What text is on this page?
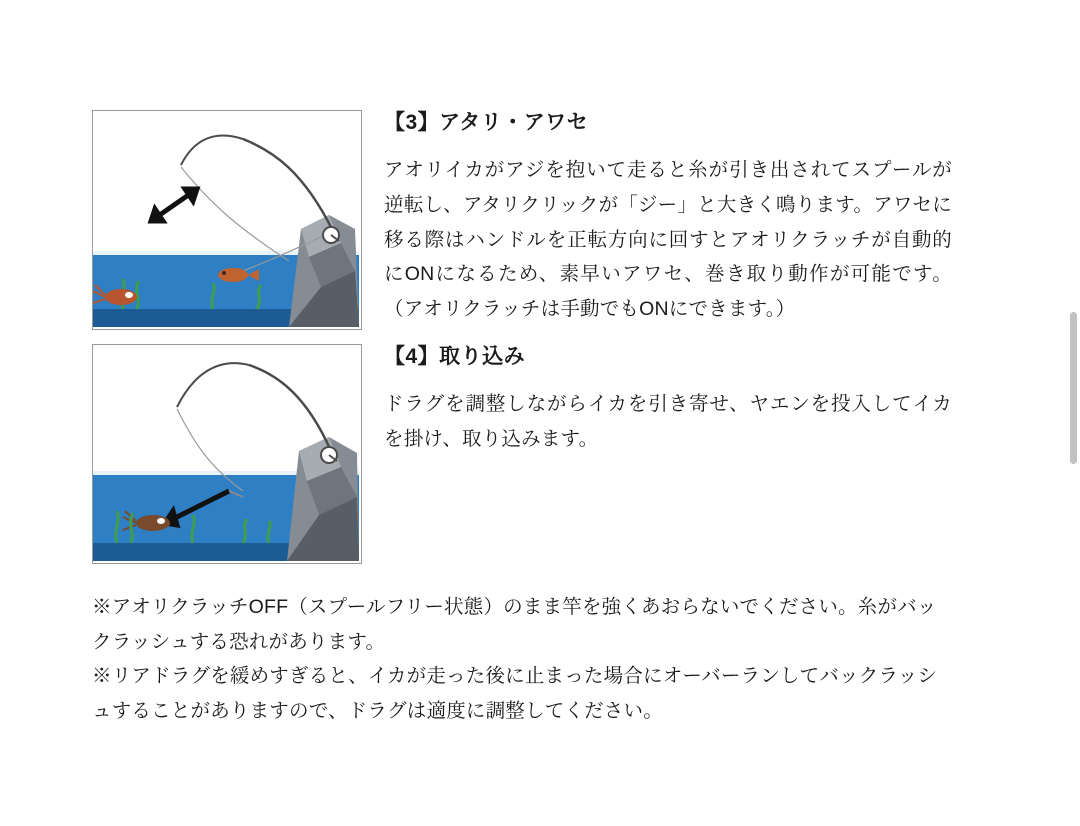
【3】アタリ・アワセ

アオリイカがアジを抱いて走ると糸が引き出されてスプールが逆転し、アタリクリックが「ジー」と大きく鳴ります。アワセに移る際はハンドルを正転方向に回すとアオリクラッチが自動的にONになるため、素早いアワセ、巻き取り動作が可能です。（アオリクラッチは手動でもONにできます。）

【4】取り込み

ドラグを調整しながらイカを引き寄せ、ヤエンを投入してイカを掛け、取り込みます。

※アオリクラッチOFF（スプールフリー状態）のまま竿を強くあおらないでください。糸がバックラッシュする恐れがあります。

※リアドラグを緩めすぎると、イカが走った後に止まった場合にオーバーランしてバックラッシュすることがありますので、ドラグは適度に調整してください。
